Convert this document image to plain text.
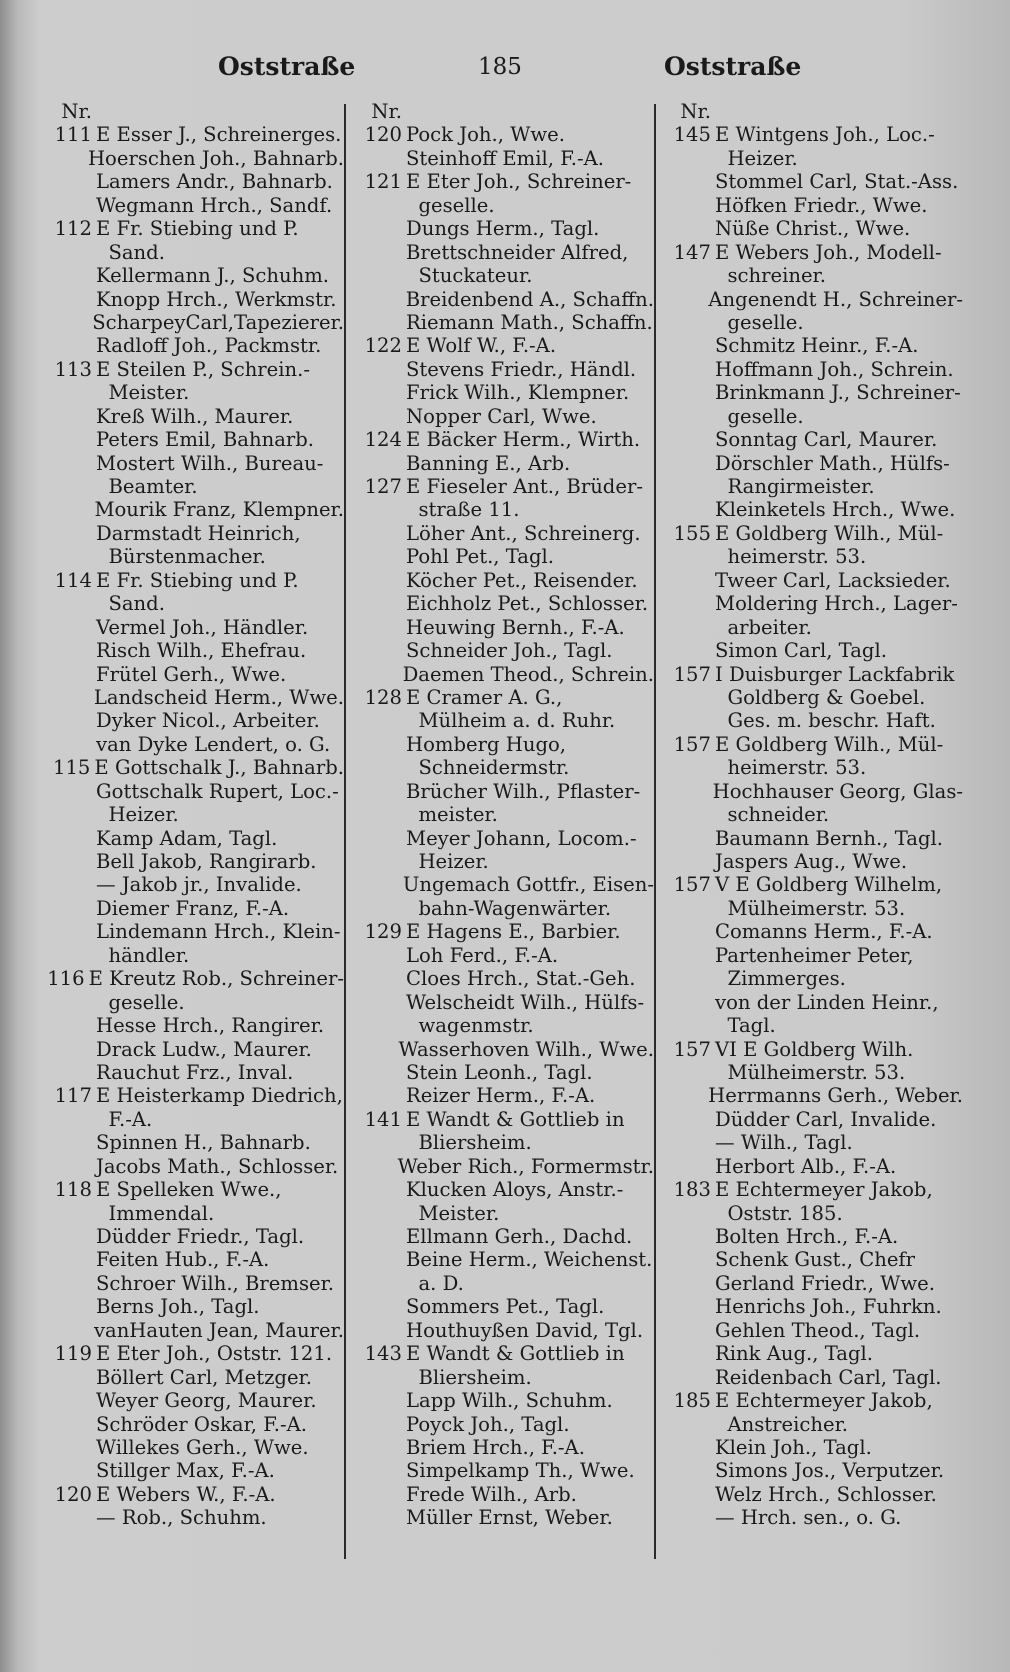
Oststraße	185	Oststraße
Nr.
111 E Esser J., Schreinerges.
Hoerschen Joh., Bahnarb.
Lamers Andr., Bahnarb.
Wegmann Hrch., Sandf.
112 E Fr. Stiebing und P.
Sand.
Kellermann J., Schuhm.
Knopp Hrch., Werkmstr.
ScharpeyCarl,Tapezierer.
Radloff Joh., Packmstr.
113 E Steilen P., Schrein.-
Meister.
Kreß Wilh., Maurer.
Peters Emil, Bahnarb.
Mostert Wilh., Bureau-
Beamter.
Mourik Franz, Klempner.
Darmstadt Heinrich,
Bürstenmacher.
114 E Fr. Stiebing und P.
Sand.
Vermel Joh., Händler.
Risch Wilh., Ehefrau.
Frütel Gerh., Wwe.
Landscheid Herm., Wwe.
Dyker Nicol., Arbeiter.
van Dyke Lendert, o. G.
115 E Gottschalk J., Bahnarb.
Gottschalk Rupert, Loc.-
Heizer.
Kamp Adam, Tagl.
Bell Jakob, Rangirarb.
— Jakob jr., Invalide.
Diemer Franz, F.-A.
Lindemann Hrch., Klein-
händler.
116 E Kreutz Rob., Schreiner-
geselle.
Hesse Hrch., Rangirer.
Drack Ludw., Maurer.
Rauchut Frz., Inval.
117 E Heisterkamp Diedrich,
F.-A.
Spinnen H., Bahnarb.
Jacobs Math., Schlosser.
118 E Spelleken Wwe.,
Immendal.
Düdder Friedr., Tagl.
Feiten Hub., F.-A.
Schroer Wilh., Bremser.
Berns Joh., Tagl.
vanHauten Jean, Maurer.
119 E Eter Joh., Oststr. 121.
Böllert Carl, Metzger.
Weyer Georg, Maurer.
Schröder Oskar, F.-A.
Willekes Gerh., Wwe.
Stillger Max, F.-A.
120 E Webers W., F.-A.
— Rob., Schuhm.
Nr.
120 Pock Joh., Wwe.
Steinhoff Emil, F.-A.
121 E Eter Joh., Schreiner-
geselle.
Dungs Herm., Tagl.
Brettschneider Alfred,
Stuckateur.
Breidenbend A., Schaffn.
Riemann Math., Schaffn.
122 E Wolf W., F.-A.
Stevens Friedr., Händl.
Frick Wilh., Klempner.
Nopper Carl, Wwe.
124 E Bäcker Herm., Wirth.
Banning E., Arb.
127 E Fieseler Ant., Brüder-
straße 11.
Löher Ant., Schreinerg.
Pohl Pet., Tagl.
Köcher Pet., Reisender.
Eichholz Pet., Schlosser.
Heuwing Bernh., F.-A.
Schneider Joh., Tagl.
Daemen Theod., Schrein.
128 E Cramer A. G.,
Mülheim a. d. Ruhr.
Homberg Hugo,
Schneidermstr.
Brücher Wilh., Pflaster-
meister.
Meyer Johann, Locom.-
Heizer.
Ungemach Gottfr., Eisen-
bahn-Wagenwärter.
129 E Hagens E., Barbier.
Loh Ferd., F.-A.
Cloes Hrch., Stat.-Geh.
Welscheidt Wilh., Hülfs-
wagenmstr.
Wasserhoven Wilh., Wwe.
Stein Leonh., Tagl.
Reizer Herm., F.-A.
141 E Wandt & Gottlieb in
Bliersheim.
Weber Rich., Formermstr.
Klucken Aloys, Anstr.-
Meister.
Ellmann Gerh., Dachd.
Beine Herm., Weichenst.
a. D.
Sommers Pet., Tagl.
Houthuyßen David, Tgl.
143 E Wandt & Gottlieb in
Bliersheim.
Lapp Wilh., Schuhm.
Poyck Joh., Tagl.
Briem Hrch., F.-A.
Simpelkamp Th., Wwe.
Frede Wilh., Arb.
Müller Ernst, Weber.
Nr.
145 E Wintgens Joh., Loc.-
Heizer.
Stommel Carl, Stat.-Ass.
Höfken Friedr., Wwe.
Nüße Christ., Wwe.
147 E Webers Joh., Modell-
schreiner.
Angenendt H., Schreiner-
geselle.
Schmitz Heinr., F.-A.
Hoffmann Joh., Schrein.
Brinkmann J., Schreiner-
geselle.
Sonntag Carl, Maurer.
Dörschler Math., Hülfs-
Rangirmeister.
Kleinketels Hrch., Wwe.
155 E Goldberg Wilh., Mül-
heimerstr. 53.
Tweer Carl, Lacksieder.
Moldering Hrch., Lager-
arbeiter.
Simon Carl, Tagl.
157 I Duisburger Lackfabrik
Goldberg & Goebel.
Ges. m. beschr. Haft.
157 E Goldberg Wilh., Mül-
heimerstr. 53.
Hochhauser Georg, Glas-
schneider.
Baumann Bernh., Tagl.
Jaspers Aug., Wwe.
157 V E Goldberg Wilhelm,
Mülheimerstr. 53.
Comanns Herm., F.-A.
Partenheimer Peter,
Zimmerges.
von der Linden Heinr.,
Tagl.
157 VI E Goldberg Wilh.
Mülheimerstr. 53.
Herrmanns Gerh., Weber.
Düdder Carl, Invalide.
— Wilh., Tagl.
Herbort Alb., F.-A.
183 E Echtermeyer Jakob,
Oststr. 185.
Bolten Hrch., F.-A.
Schenk Gust., Chefr
Gerland Friedr., Wwe.
Henrichs Joh., Fuhrkn.
Gehlen Theod., Tagl.
Rink Aug., Tagl.
Reidenbach Carl, Tagl.
185 E Echtermeyer Jakob,
Anstreicher.
Klein Joh., Tagl.
Simons Jos., Verputzer.
Welz Hrch., Schlosser.
— Hrch. sen., o. G.
